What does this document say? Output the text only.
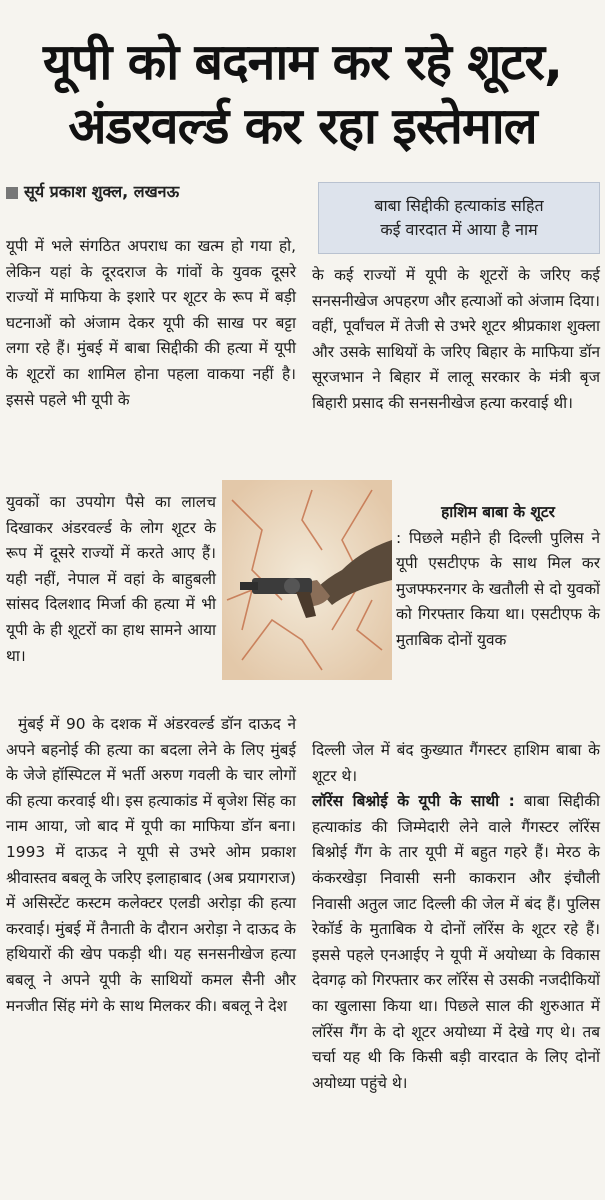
यूपी को बदनाम कर रहे शूटर,
अंडरवर्ल्ड कर रहा इस्तेमाल
सूर्य प्रकाश शुक्ल, लखनऊ
बाबा सिद्दीकी हत्याकांड सहित
कई वारदात में आया है नाम

यूपी में भले संगठित अपराध का खत्म हो गया हो, लेकिन यहां के दूरदराज के गांवों के युवक दूसरे राज्यों में माफिया के इशारे पर शूटर के रूप में बड़ी घटनाओं को अंजाम देकर यूपी की साख पर बट्टा लगा रहे हैं। मुंबई में बाबा सिद्दीकी की हत्या में यूपी के शूटरों का शामिल होना पहला वाकया नहीं है। इससे पहले भी यूपी के

युवकों का उपयोग पैसे का लालच दिखाकर अंडरवर्ल्ड के लोग शूटर के रूप में दूसरे राज्यों में करते आए हैं। यही नहीं, नेपाल में वहां के बाहुबली सांसद दिलशाद मिर्जा की हत्या में भी यूपी के ही शूटरों का हाथ सामने आया था।

मुंबई में 90 के दशक में अंडरवर्ल्ड डॉन दाऊद ने अपने बहनोई की हत्या का बदला लेने के लिए मुंबई के जेजे हॉस्पिटल में भर्ती अरुण गवली के चार लोगों की हत्या करवाई थी। इस हत्याकांड में बृजेश सिंह का नाम आया, जो बाद में यूपी का माफिया डॉन बना। 1993 में दाऊद ने यूपी से उभरे ओम प्रकाश श्रीवास्तव बबलू के जरिए इलाहाबाद (अब प्रयागराज) में असिस्टेंट कस्टम कलेक्टर एलडी अरोड़ा की हत्या करवाई। मुंबई में तैनाती के दौरान अरोड़ा ने दाऊद के हथियारों की खेप पकड़ी थी। यह सनसनीखेज हत्या बबलू ने अपने यूपी के साथियों कमल सैनी और मनजीत सिंह मंगे के साथ मिलकर की। बबलू ने देश

के कई राज्यों में यूपी के शूटरों के जरिए कई सनसनीखेज अपहरण और हत्याओं को अंजाम दिया। वहीं, पूर्वांचल में तेजी से उभरे शूटर श्रीप्रकाश शुक्ला और उसके साथियों के जरिए बिहार के माफिया डॉन सूरजभान ने बिहार में लालू सरकार के मंत्री बृज बिहारी प्रसाद की सनसनीखेज हत्या करवाई थी।

हाशिम बाबा के शूटर

: पिछले महीने ही दिल्ली पुलिस ने यूपी एसटीएफ के साथ मिल कर मुजफ्फरनगर के खतौली से दो युवकों को गिरफ्तार किया था। एसटीएफ के मुताबिक दोनों युवक

दिल्ली जेल में बंद कुख्यात गैंगस्टर हाशिम बाबा के शूटर थे।

लॉरेंस बिश्नोई के यूपी के साथी : बाबा सिद्दीकी हत्याकांड की जिम्मेदारी लेने वाले गैंगस्टर लॉरेंस बिश्नोई गैंग के तार यूपी में बहुत गहरे हैं। मेरठ के कंकरखेड़ा निवासी सनी काकरान और इंचौली निवासी अतुल जाट दिल्ली की जेल में बंद हैं। पुलिस रेकॉर्ड के मुताबिक ये दोनों लॉरेंस के शूटर रहे हैं। इससे पहले एनआईए ने यूपी में अयोध्या के विकास देवगढ़ को गिरफ्तार कर लॉरेंस से उसकी नजदीकियों का खुलासा किया था। पिछले साल की शुरुआत में लॉरेंस गैंग के दो शूटर अयोध्या में देखे गए थे। तब चर्चा यह थी कि किसी बड़ी वारदात के लिए दोनों अयोध्या पहुंचे थे।
